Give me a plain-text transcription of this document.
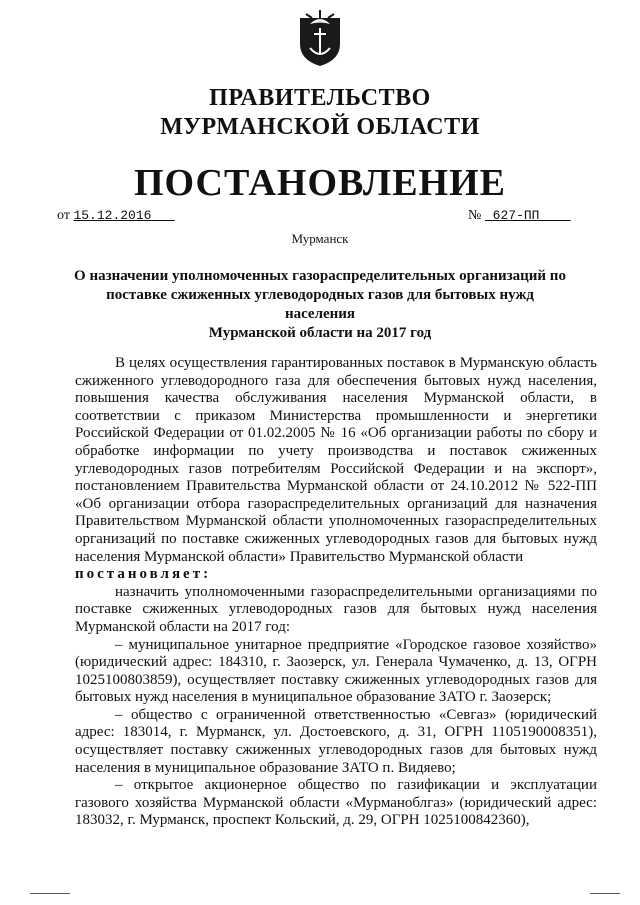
ПРАВИТЕЛЬСТВО
МУРМАНСКОЙ ОБЛАСТИ
ПОСТАНОВЛЕНИЕ
от 15.12.2016	№ 627-ПП
Мурманск
О назначении уполномоченных газораспределительных организаций по
поставке сжиженных углеводородных газов для бытовых нужд населения
Мурманской области на 2017 год

В целях осуществления гарантированных поставок в Мурманскую область сжиженного углеводородного газа для обеспечения бытовых нужд населения, повышения качества обслуживания населения Мурманской области, в соответствии с приказом Министерства промышленности и энергетики Российской Федерации от 01.02.2005 № 16 «Об организации работы по сбору и обработке информации по учету производства и поставок сжиженных углеводородных газов потребителям Российской Федерации и на экспорт», постановлением Правительства Мурманской области от 24.10.2012 № 522-ПП «Об организации отбора газораспределительных организаций для назначения Правительством Мурманской области уполномоченных газораспределительных организаций по поставке сжиженных углеводородных газов для бытовых нужд населения Мурманской области» Правительство Мурманской области

постановляет:

назначить уполномоченными газораспределительными организациями по поставке сжиженных углеводородных газов для бытовых нужд населения Мурманской области на 2017 год:

– муниципальное унитарное предприятие «Городское газовое хозяйство» (юридический адрес: 184310, г. Заозерск, ул. Генерала Чумаченко, д. 13, ОГРН 1025100803859), осуществляет поставку сжиженных углеводородных газов для бытовых нужд населения в муниципальное образование ЗАТО г. Заозерск;

– общество с ограниченной ответственностью «Севгаз» (юридический адрес: 183014, г. Мурманск, ул. Достоевского, д. 31, ОГРН 1105190008351), осуществляет поставку сжиженных углеводородных газов для бытовых нужд населения в муниципальное образование ЗАТО п. Видяево;

– открытое акционерное общество по газификации и эксплуатации газового хозяйства Мурманской области «Мурманоблгаз» (юридический адрес: 183032, г. Мурманск, проспект Кольский, д. 29, ОГРН 1025100842360),
